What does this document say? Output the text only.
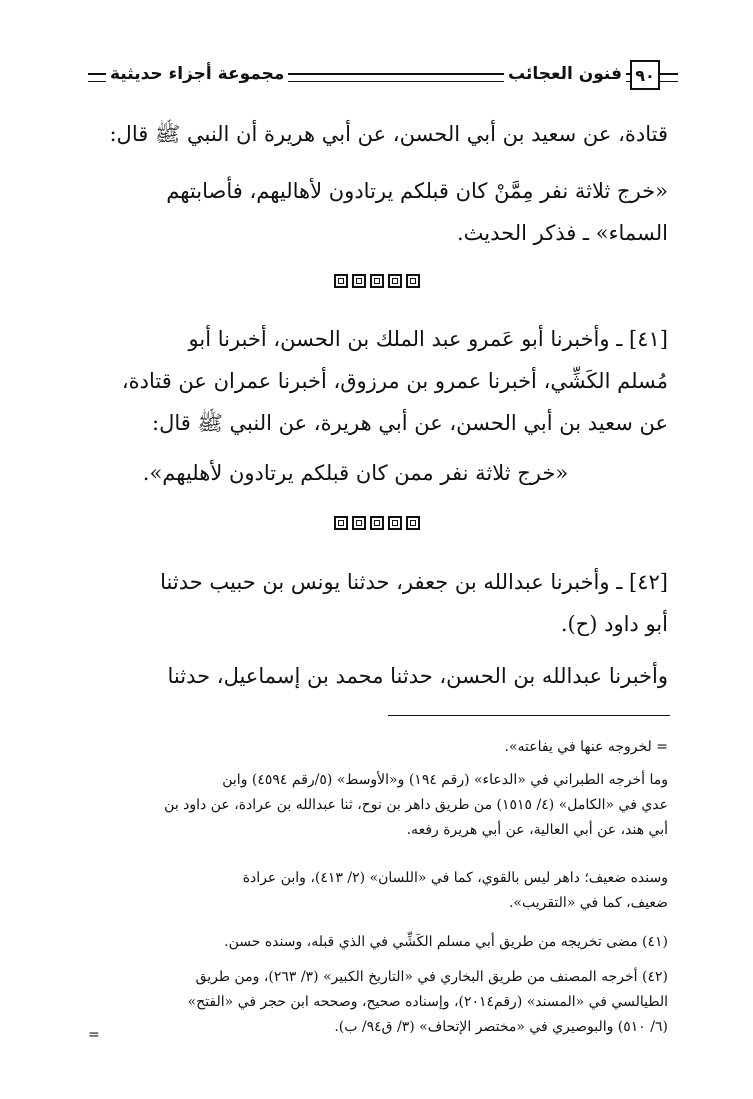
٩٠
فنون العجائب
مجموعة أجزاء حديثية
قتادة، عن سعيد بن أبي الحسن، عن أبي هريرة أن النبي ﷺ قال:
«خرج ثلاثة نفر مِمَّنْ كان قبلكم يرتادون لأهاليهم، فأصابتهم
السماء» ـ فذكر الحديث.
[٤١] ـ وأخبرنا أبو عَمرو عبد الملك بن الحسن، أخبرنا أبو
مُسلم الكَشِّي، أخبرنا عمرو بن مرزوق، أخبرنا عمران عن قتادة،
عن سعيد بن أبي الحسن، عن أبي هريرة، عن النبي ﷺ قال:
«خرج ثلاثة نفر ممن كان قبلكم يرتادون لأهليهم».
[٤٢] ـ وأخبرنا عبدالله بن جعفر، حدثنا يونس بن حبيب حدثنا
أبو داود (ح).
وأخبرنا عبدالله بن الحسن، حدثنا محمد بن إسماعيل، حدثنا
= لخروجه عنها في يفاعته».
وما أخرجه الطبراني في «الدعاء» (رقم ١٩٤) و«الأوسط» (٥/رقم ٤٥٩٤) وابن
عدي في «الكامل» (٤/ ١٥١٥) من طريق داهر بن نوح، ثنا عبدالله بن عرادة، عن داود بن
أبي هند، عن أبي العالية، عن أبي هريرة رفعه.
وسنده ضعيف؛ داهر ليس بالقوي، كما في «اللسان» (٢/ ٤١٣)، وابن عرادة
ضعيف، كما في «التقريب».
(٤١) مضى تخريجه من طريق أبي مسلم الكَشِّي في الذي قبله، وسنده حسن.
(٤٢) أخرجه المصنف من طريق البخاري في «التاريخ الكبير» (٣/ ٢٦٣)، ومن طريق
الطيالسي في «المسند» (رقم٢٠١٤)، وإسناده صحيح، وصححه ابن حجر في «الفتح»
(٦/ ٥١٠) والبوصيري في «مختصر الإتحاف» (٣/ ق٩٤/ ب).
=
